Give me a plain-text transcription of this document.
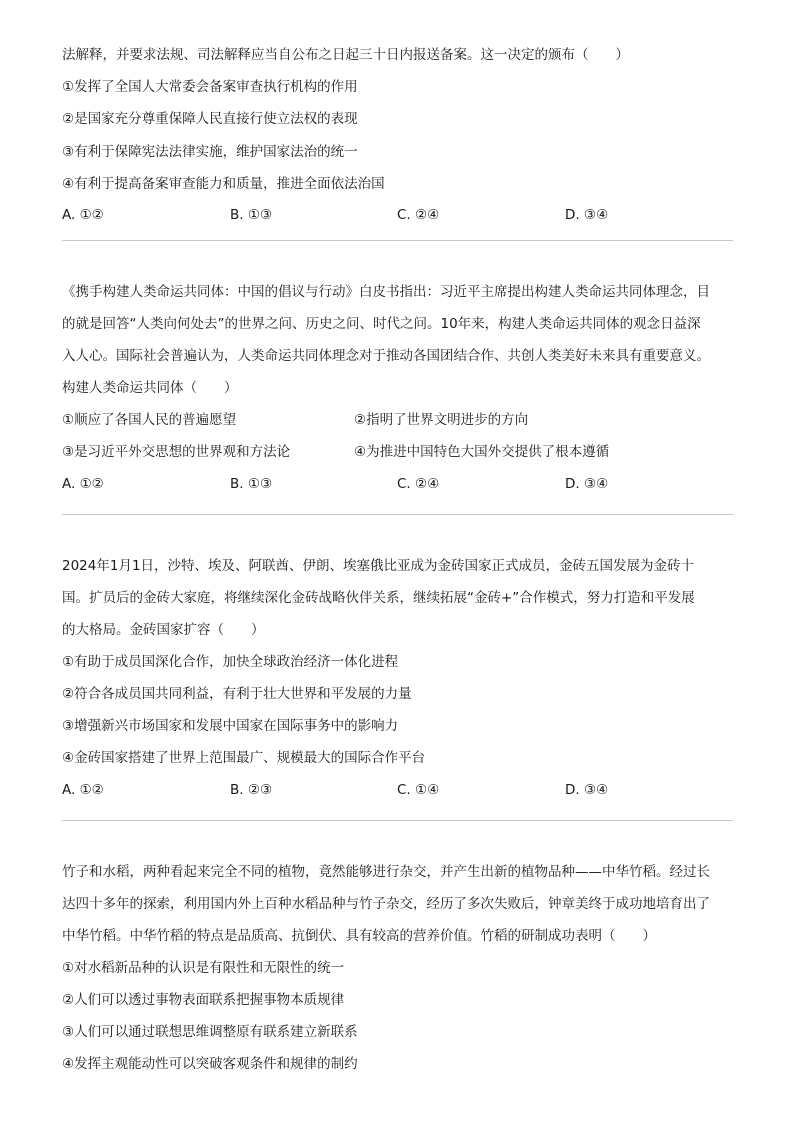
法解释，并要求法规、司法解释应当自公布之日起三十日内报送备案。这一决定的颁布（　　）
①发挥了全国人大常委会备案审查执行机构的作用
②是国家充分尊重保障人民直接行使立法权的表现
③有利于保障宪法法律实施，维护国家法治的统一
④有利于提高备案审查能力和质量，推进全面依法治国
A. ①②	B. ①③	C. ②④	D. ③④
《携手构建人类命运共同体：中国的倡议与行动》白皮书指出：习近平主席提出构建人类命运共同体理念，目
的就是回答“人类向何处去”的世界之问、历史之问、时代之问。10年来，构建人类命运共同体的观念日益深
入人心。国际社会普遍认为，人类命运共同体理念对于推动各国团结合作、共创人类美好未来具有重要意义。
构建人类命运共同体（　　）
①顺应了各国人民的普遍愿望	②指明了世界文明进步的方向
③是习近平外交思想的世界观和方法论	④为推进中国特色大国外交提供了根本遵循
A. ①②	B. ①③	C. ②④	D. ③④
2024年1月1日，沙特、埃及、阿联酋、伊朗、埃塞俄比亚成为金砖国家正式成员，金砖五国发展为金砖十
国。扩员后的金砖大家庭，将继续深化金砖战略伙伴关系，继续拓展“金砖+”合作模式，努力打造和平发展
的大格局。金砖国家扩容（　　）
①有助于成员国深化合作，加快全球政治经济一体化进程
②符合各成员国共同利益，有利于壮大世界和平发展的力量
③增强新兴市场国家和发展中国家在国际事务中的影响力
④金砖国家搭建了世界上范围最广、规模最大的国际合作平台
A. ①②	B. ②③	C. ①④	D. ③④
竹子和水稻，两种看起来完全不同的植物，竟然能够进行杂交，并产生出新的植物品种——中华竹稻。经过长
达四十多年的探索，利用国内外上百种水稻品种与竹子杂交，经历了多次失败后，钟章美终于成功地培育出了
中华竹稻。中华竹稻的特点是品质高、抗倒伏、具有较高的营养价值。竹稻的研制成功表明（　　）
①对水稻新品种的认识是有限性和无限性的统一
②人们可以透过事物表面联系把握事物本质规律
③人们可以通过联想思维调整原有联系建立新联系
④发挥主观能动性可以突破客观条件和规律的制约
